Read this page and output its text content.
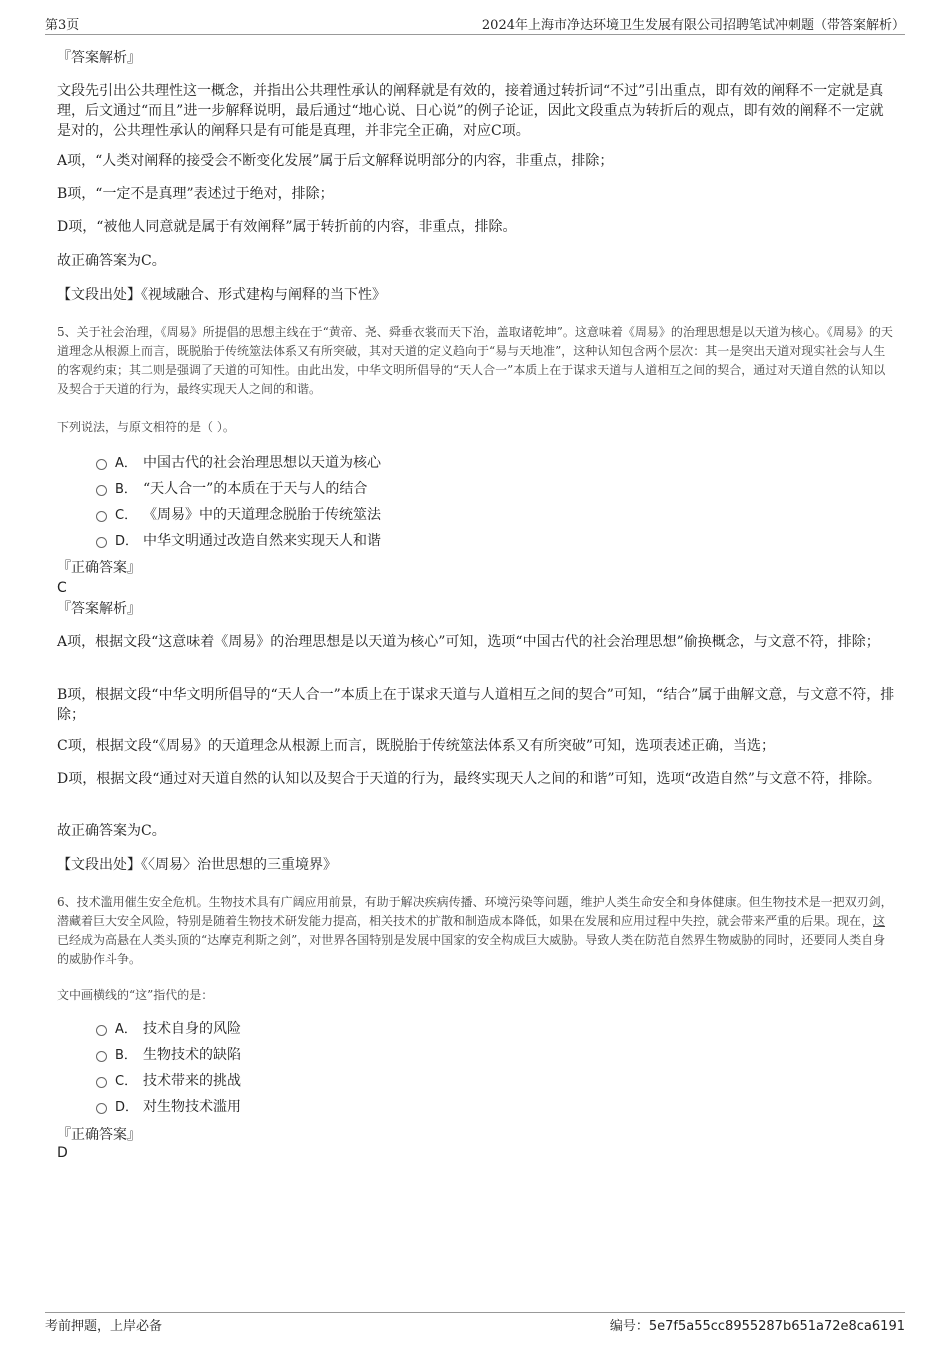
第3页	2024年上海市净达环境卫生发展有限公司招聘笔试冲刺题（带答案解析）

『答案解析』

文段先引出公共理性这一概念，并指出公共理性承认的阐释就是有效的，接着通过转折词“不过”引出重点，即有效的阐释不一定就是真理，后文通过“而且”进一步解释说明，最后通过“地心说、日心说”的例子论证，因此文段重点为转折后的观点，即有效的阐释不一定就是对的，公共理性承认的阐释只是有可能是真理，并非完全正确，对应C项。

A项，“人类对阐释的接受会不断变化发展”属于后文解释说明部分的内容，非重点，排除；

B项，“一定不是真理”表述过于绝对，排除；

D项，“被他人同意就是属于有效阐释”属于转折前的内容，非重点，排除。

故正确答案为C。

【文段出处】《视域融合、形式建构与阐释的当下性》

5、关于社会治理，《周易》所提倡的思想主线在于“黄帝、尧、舜垂衣裳而天下治，盖取诸乾坤”。这意味着《周易》的治理思想是以天道为核心。《周易》的天道理念从根源上而言，既脱胎于传统筮法体系又有所突破，其对天道的定义趋向于“易与天地准”，这种认知包含两个层次：其一是突出天道对现实社会与人生的客观约束；其二则是强调了天道的可知性。由此出发，中华文明所倡导的“天人合一”本质上在于谋求天道与人道相互之间的契合，通过对天道自然的认知以及契合于天道的行为，最终实现天人之间的和谐。

下列说法，与原文相符的是（ ）。

A． 中国古代的社会治理思想以天道为核心
B． “天人合一”的本质在于天与人的结合
C． 《周易》中的天道理念脱胎于传统筮法
D． 中华文明通过改造自然来实现天人和谐

『正确答案』

C

『答案解析』

A项，根据文段“这意味着《周易》的治理思想是以天道为核心”可知，选项“中国古代的社会治理思想”偷换概念，与文意不符，排除；

B项，根据文段“中华文明所倡导的“天人合一”本质上在于谋求天道与人道相互之间的契合”可知，“结合”属于曲解文意，与文意不符，排除；

C项，根据文段“《周易》的天道理念从根源上而言，既脱胎于传统筮法体系又有所突破”可知，选项表述正确，当选；

D项，根据文段“通过对天道自然的认知以及契合于天道的行为，最终实现天人之间的和谐”可知，选项“改造自然”与文意不符，排除。

故正确答案为C。

【文段出处】《〈周易〉治世思想的三重境界》

6、技术滥用催生安全危机。生物技术具有广阔应用前景，有助于解决疾病传播、环境污染等问题，维护人类生命安全和身体健康。但生物技术是一把双刃剑，潜藏着巨大安全风险，特别是随着生物技术研发能力提高，相关技术的扩散和制造成本降低，如果在发展和应用过程中失控，就会带来严重的后果。现在，这已经成为高悬在人类头顶的“达摩克利斯之剑”，对世界各国特别是发展中国家的安全构成巨大威胁。导致人类在防范自然界生物威胁的同时，还要同人类自身的威胁作斗争。

文中画横线的“这”指代的是：

A． 技术自身的风险
B． 生物技术的缺陷
C． 技术带来的挑战
D． 对生物技术滥用

『正确答案』

D

考前押题，上岸必备	编号：5e7f5a55cc8955287b651a72e8ca6191
